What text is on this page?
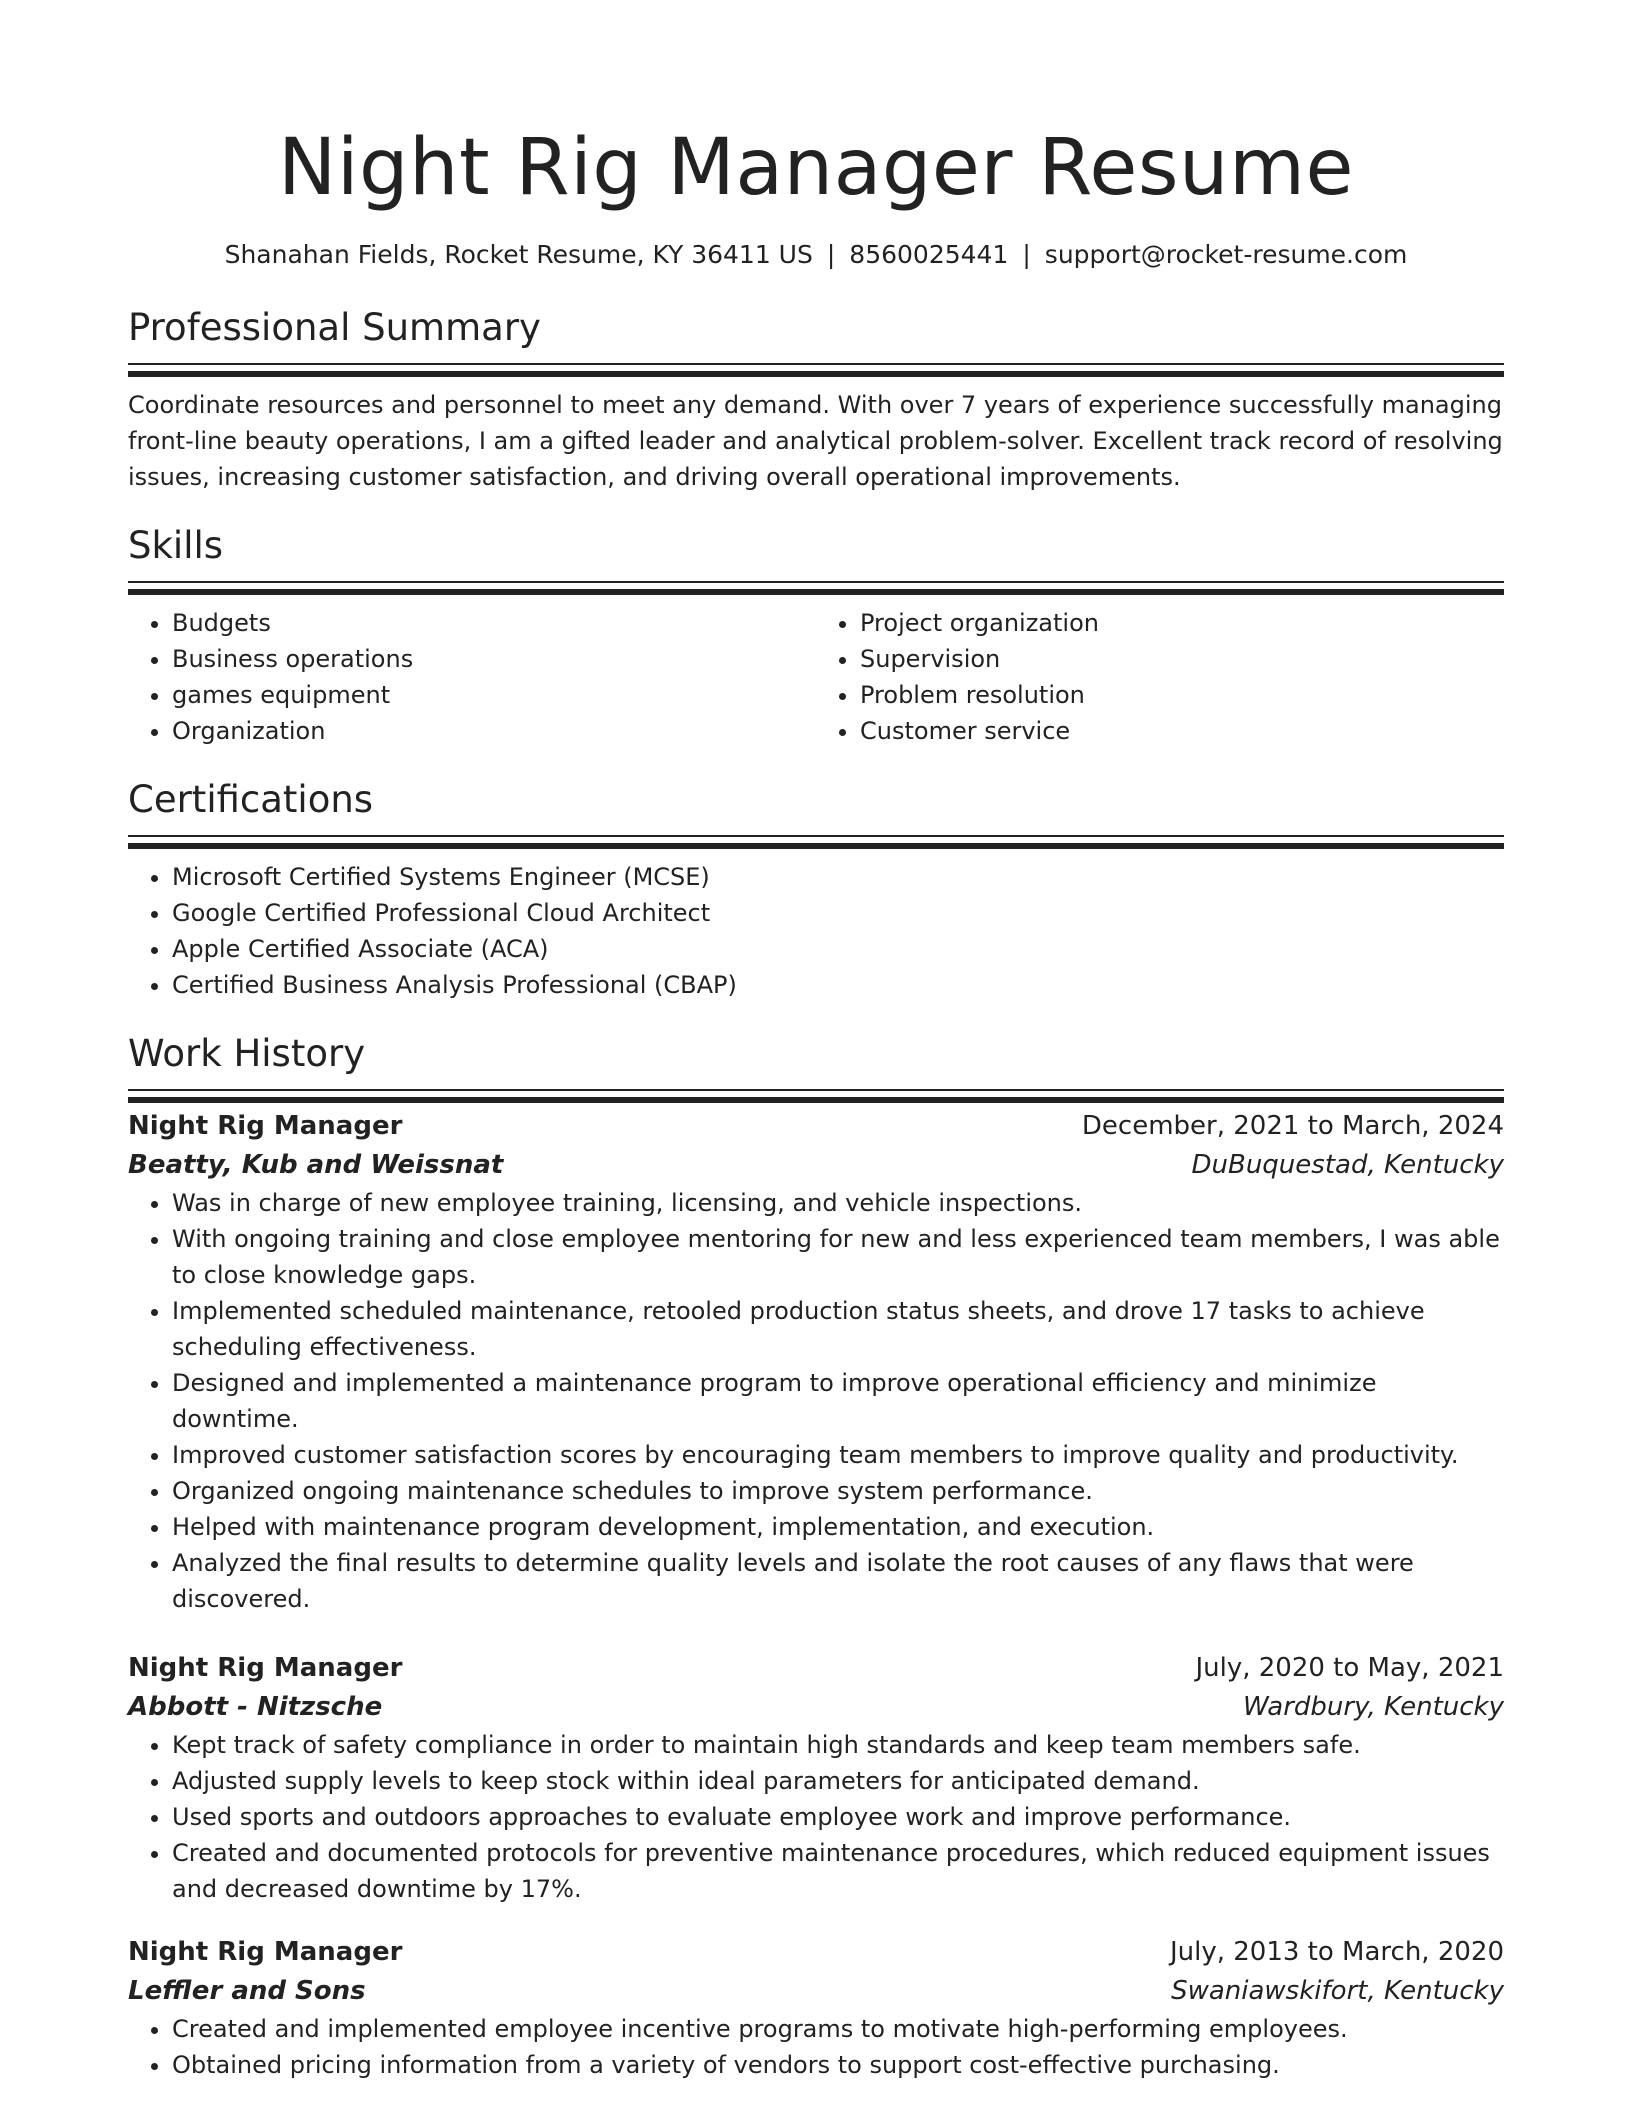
Night Rig Manager Resume
Shanahan Fields, Rocket Resume, KY 36411 US | 8560025441 | support@rocket-resume.com
Professional Summary

Coordinate resources and personnel to meet any demand. With over 7 years of experience successfully managing front-line beauty operations, I am a gifted leader and analytical problem-solver. Excellent track record of resolving issues, increasing customer satisfaction, and driving overall operational improvements.

Skills
• Budgets
• Business operations
• games equipment
• Organization
• Project organization
• Supervision
• Problem resolution
• Customer service
Certifications
• Microsoft Certified Systems Engineer (MCSE)
• Google Certified Professional Cloud Architect
• Apple Certified Associate (ACA)
• Certified Business Analysis Professional (CBAP)
Work History
Night Rig Manager	December, 2021 to March, 2024
Beatty, Kub and Weissnat	DuBuquestad, Kentucky
• Was in charge of new employee training, licensing, and vehicle inspections.
• With ongoing training and close employee mentoring for new and less experienced team members, I was able to close knowledge gaps.
• Implemented scheduled maintenance, retooled production status sheets, and drove 17 tasks to achieve scheduling effectiveness.
• Designed and implemented a maintenance program to improve operational efficiency and minimize downtime.
• Improved customer satisfaction scores by encouraging team members to improve quality and productivity.
• Organized ongoing maintenance schedules to improve system performance.
• Helped with maintenance program development, implementation, and execution.
• Analyzed the final results to determine quality levels and isolate the root causes of any flaws that were discovered.
Night Rig Manager	July, 2020 to May, 2021
Abbott - Nitzsche	Wardbury, Kentucky
• Kept track of safety compliance in order to maintain high standards and keep team members safe.
• Adjusted supply levels to keep stock within ideal parameters for anticipated demand.
• Used sports and outdoors approaches to evaluate employee work and improve performance.
• Created and documented protocols for preventive maintenance procedures, which reduced equipment issues and decreased downtime by 17%.
Night Rig Manager	July, 2013 to March, 2020
Leffler and Sons	Swaniawskifort, Kentucky
• Created and implemented employee incentive programs to motivate high-performing employees.
• Obtained pricing information from a variety of vendors to support cost-effective purchasing.
